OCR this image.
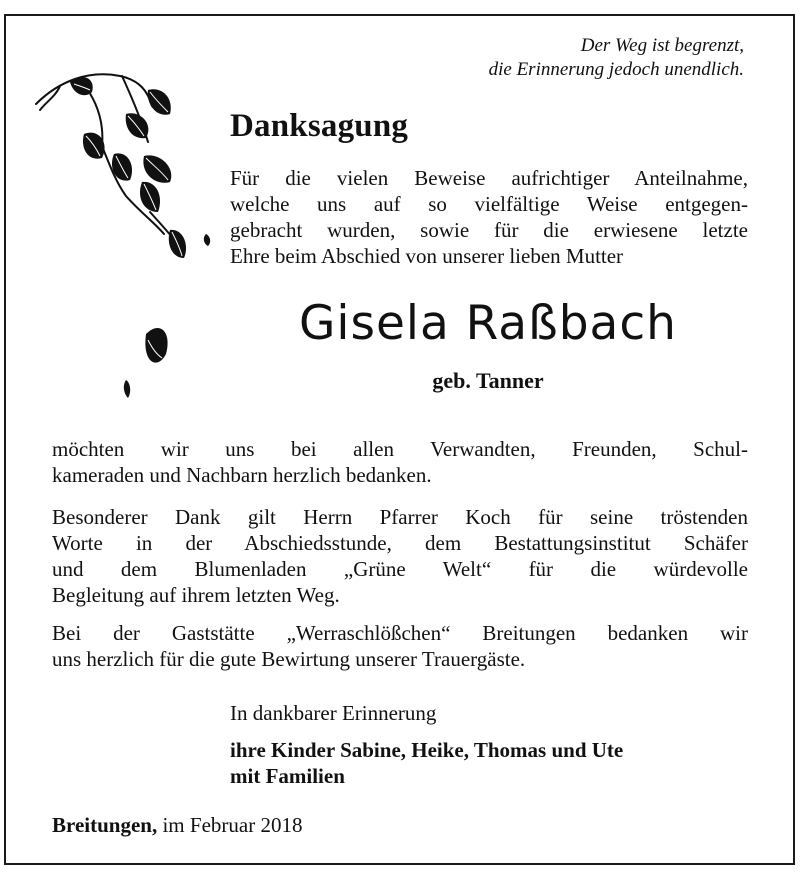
Der Weg ist begrenzt,
die Erinnerung jedoch unendlich.
Danksagung
Für die vielen Beweise aufrichtiger Anteilnahme,
welche uns auf so vielfältige Weise entgegen-
gebracht wurden, sowie für die erwiesene letzte
Ehre beim Abschied von unserer lieben Mutter
Gisela Raßbach
geb. Tanner
möchten wir uns bei allen Verwandten, Freunden, Schul-
kameraden und Nachbarn herzlich bedanken.
Besonderer Dank gilt Herrn Pfarrer Koch für seine tröstenden
Worte in der Abschiedsstunde, dem Bestattungsinstitut Schäfer
und dem Blumenladen „Grüne Welt“ für die würdevolle
Begleitung auf ihrem letzten Weg.
Bei der Gaststätte „Werraschlößchen“ Breitungen bedanken wir
uns herzlich für die gute Bewirtung unserer Trauergäste.
In dankbarer Erinnerung
ihre Kinder Sabine, Heike, Thomas und Ute
mit Familien
Breitungen, im Februar 2018
